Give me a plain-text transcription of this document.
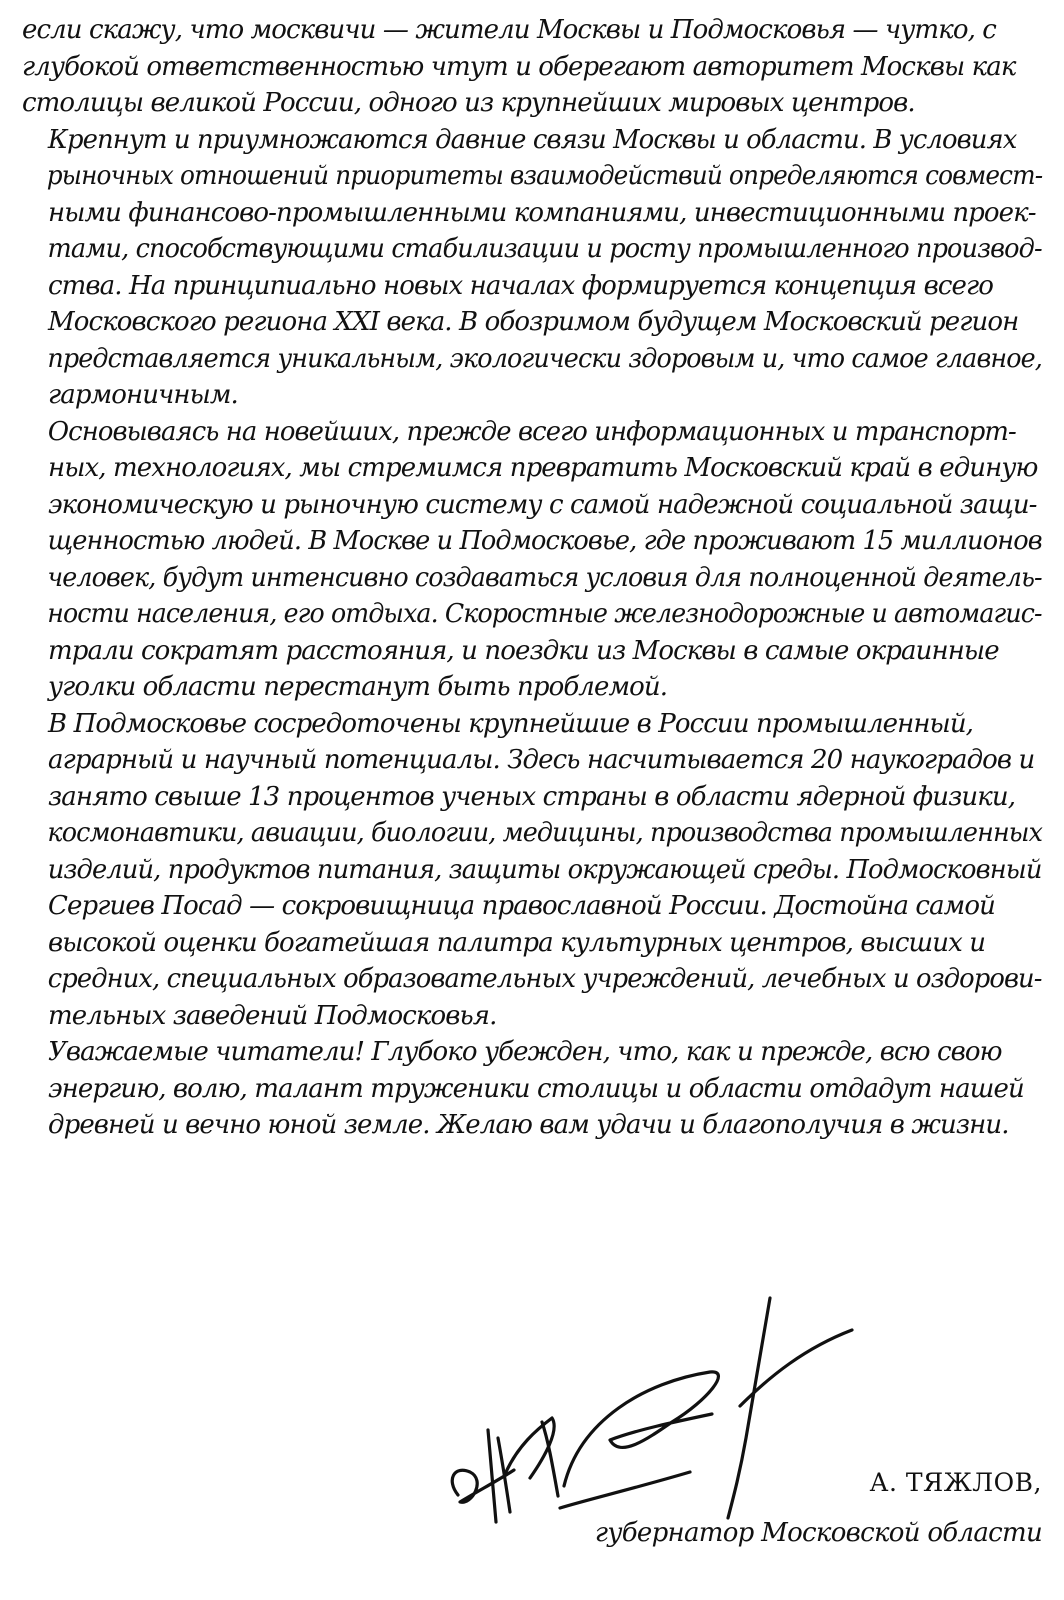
если скажу, что москвичи — жители Москвы и Подмосковья — чутко, с
глубокой ответственностью чтут и оберегают авторитет Москвы как
столицы великой России, одного из крупнейших мировых центров.

Крепнут и приумножаются давние связи Москвы и области. В условиях
рыночных отношений приоритеты взаимодействий определяются совмест-
ными финансово-промышленными компаниями, инвестиционными проек-
тами, способствующими стабилизации и росту промышленного производ-
ства. На принципиально новых началах формируется концепция всего
Московского региона XXI века. В обозримом будущем Московский регион
представляется уникальным, экологически здоровым и, что самое главное,
гармоничным.

Основываясь на новейших, прежде всего информационных и транспорт-
ных, технологиях, мы стремимся превратить Московский край в единую
экономическую и рыночную систему с самой надежной социальной защи-
щенностью людей. В Москве и Подмосковье, где проживают 15 миллионов
человек, будут интенсивно создаваться условия для полноценной деятель-
ности населения, его отдыха. Скоростные железнодорожные и автомагис-
трали сократят расстояния, и поездки из Москвы в самые окраинные
уголки области перестанут быть проблемой.

В Подмосковье сосредоточены крупнейшие в России промышленный,
аграрный и научный потенциалы. Здесь насчитывается 20 наукоградов и
занято свыше 13 процентов ученых страны в области ядерной физики,
космонавтики, авиации, биологии, медицины, производства промышленных
изделий, продуктов питания, защиты окружающей среды. Подмосковный
Сергиев Посад — сокровищница православной России. Достойна самой
высокой оценки богатейшая палитра культурных центров, высших и
средних, специальных образовательных учреждений, лечебных и оздорови-
тельных заведений Подмосковья.

Уважаемые читатели! Глубоко убежден, что, как и прежде, всю свою
энергию, волю, талант труженики столицы и области отдадут нашей
древней и вечно юной земле. Желаю вам удачи и благополучия в жизни.

А. ТЯЖЛОВ,
губернатор Московской области
